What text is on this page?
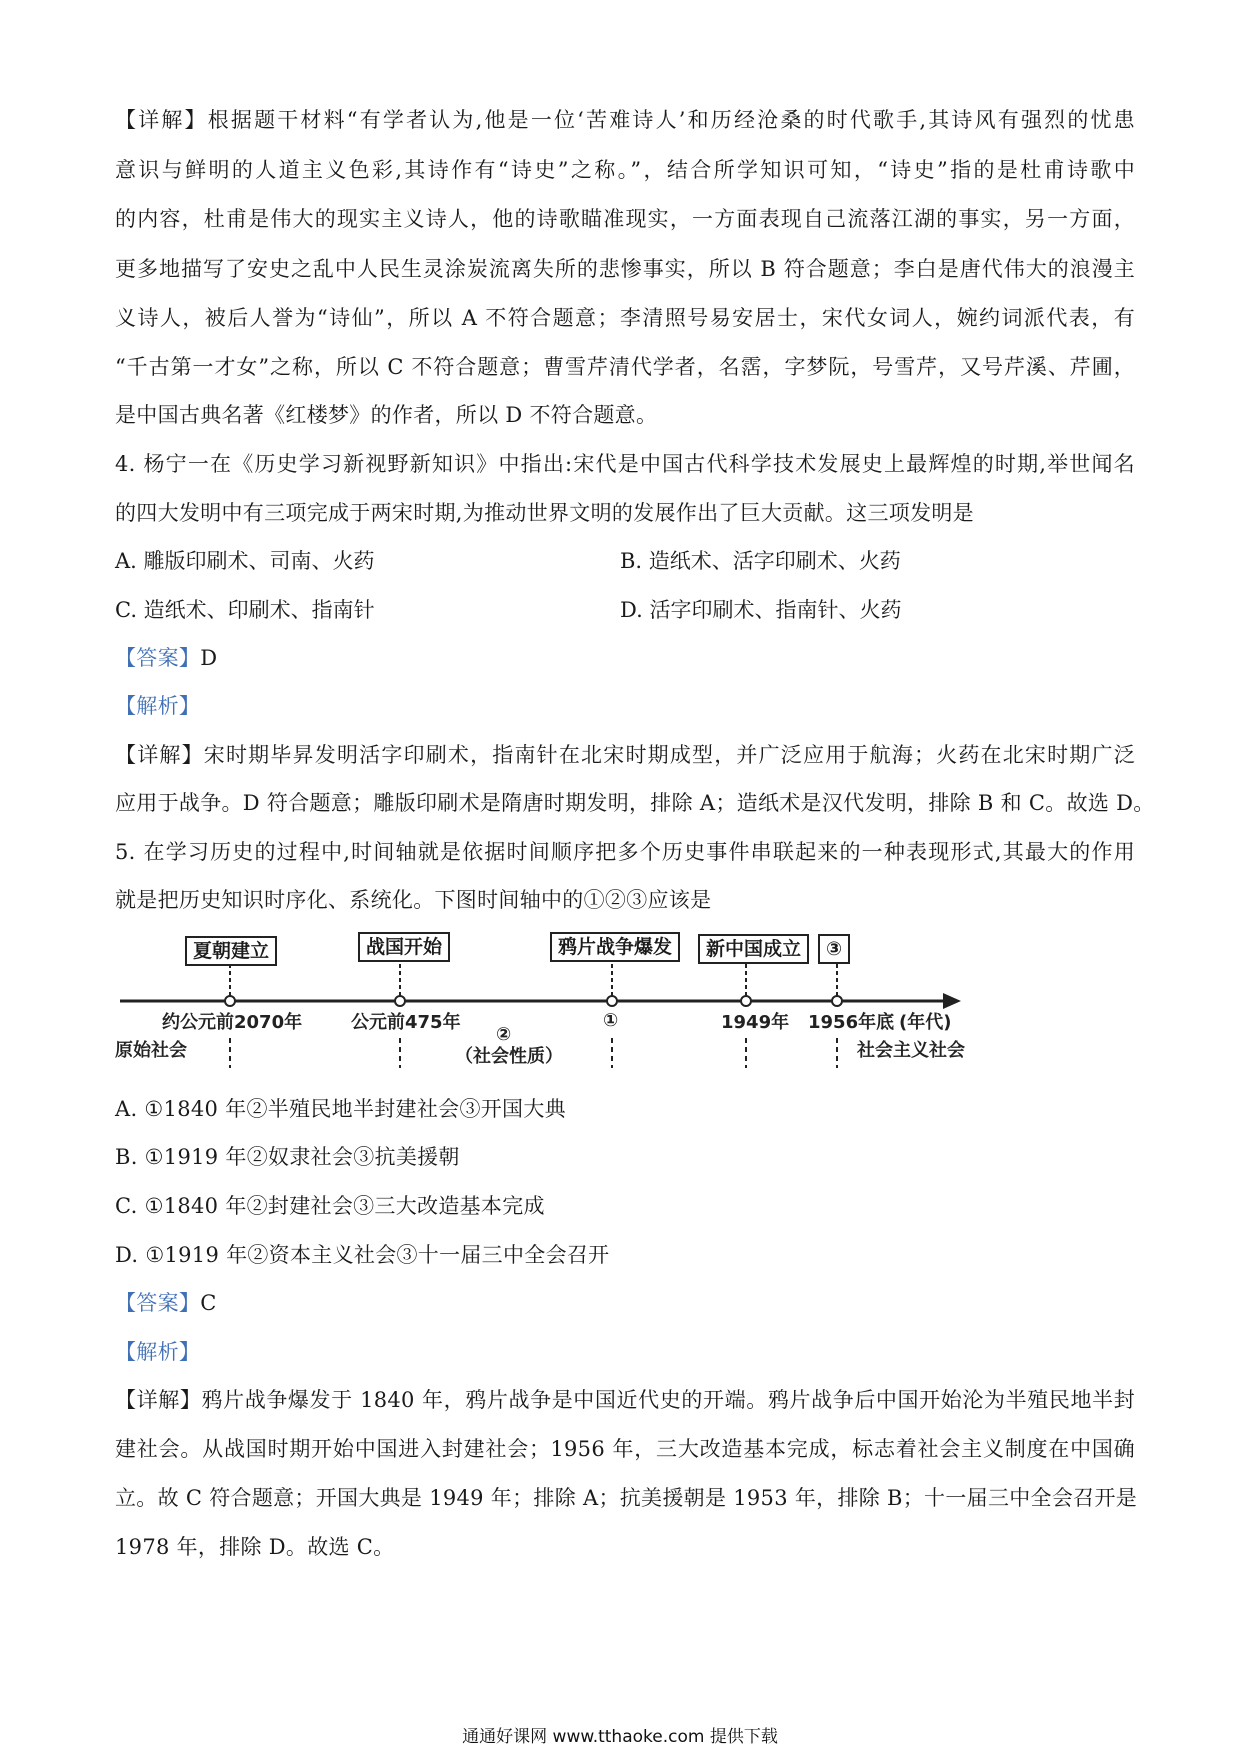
【详解】根据题干材料“有学者认为,他是一位‘苦难诗人’和历经沧桑的时代歌手,其诗风有强烈的忧患
意识与鲜明的人道主义色彩,其诗作有“诗史”之称。”，结合所学知识可知，“诗史”指的是杜甫诗歌中
的内容，杜甫是伟大的现实主义诗人，他的诗歌瞄准现实，一方面表现自己流落江湖的事实，另一方面，
更多地描写了安史之乱中人民生灵涂炭流离失所的悲惨事实，所以 B 符合题意；李白是唐代伟大的浪漫主
义诗人，被后人誉为“诗仙”，所以 A 不符合题意；李清照号易安居士，宋代女词人，婉约词派代表，有
“千古第一才女”之称，所以 C 不符合题意；曹雪芹清代学者，名霑，字梦阮，号雪芹，又号芹溪、芹圃，
是中国古典名著《红楼梦》的作者，所以 D 不符合题意。
4. 杨宁一在《历史学习新视野新知识》中指出:宋代是中国古代科学技术发展史上最辉煌的时期,举世闻名
的四大发明中有三项完成于两宋时期,为推动世界文明的发展作出了巨大贡献。这三项发明是
A. 雕版印刷术、司南、火药	B. 造纸术、活字印刷术、火药
C. 造纸术、印刷术、指南针	D. 活字印刷术、指南针、火药
【答案】D
【解析】
【详解】宋时期毕昇发明活字印刷术，指南针在北宋时期成型，并广泛应用于航海；火药在北宋时期广泛
应用于战争。D 符合题意；雕版印刷术是隋唐时期发明，排除 A；造纸术是汉代发明，排除 B 和 C。故选 D。
5. 在学习历史的过程中,时间轴就是依据时间顺序把多个历史事件串联起来的一种表现形式,其最大的作用
就是把历史知识时序化、系统化。下图时间轴中的①②③应该是
夏朝建立	战国开始	鸦片战争爆发	新中国成立	③
约公元前2070年	公元前475年	①	1949年 1956年底 (年代)
原始社会
②
（社会性质）	社会主义社会
A. ①1840 年②半殖民地半封建社会③开国大典
B. ①1919 年②奴隶社会③抗美援朝
C. ①1840 年②封建社会③三大改造基本完成
D. ①1919 年②资本主义社会③十一届三中全会召开
【答案】C
【解析】
【详解】鸦片战争爆发于 1840 年，鸦片战争是中国近代史的开端。鸦片战争后中国开始沦为半殖民地半封
建社会。从战国时期开始中国进入封建社会；1956 年，三大改造基本完成，标志着社会主义制度在中国确
立。故 C 符合题意；开国大典是 1949 年；排除 A；抗美援朝是 1953 年，排除 B；十一届三中全会召开是
1978 年，排除 D。故选 C。
通通好课网 www.tthaoke.com 提供下载
